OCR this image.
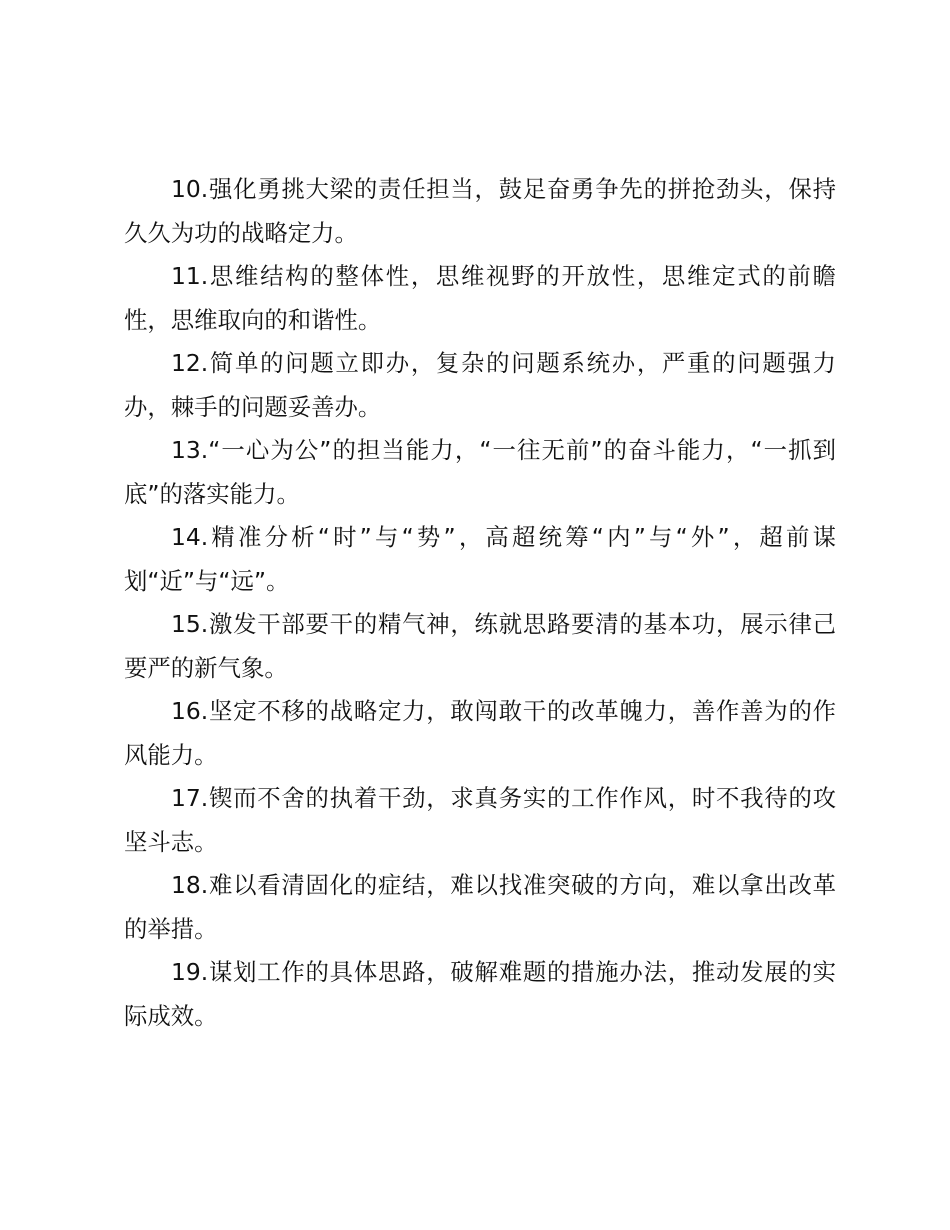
10.强化勇挑大梁的责任担当，鼓足奋勇争先的拼抢劲头，保持久久为功的战略定力。

11.思维结构的整体性，思维视野的开放性，思维定式的前瞻性，思维取向的和谐性。

12.简单的问题立即办，复杂的问题系统办，严重的问题强力办，棘手的问题妥善办。

13.“一心为公”的担当能力，“一往无前”的奋斗能力，“一抓到底”的落实能力。

14.精准分析“时”与“势”，高超统筹“内”与“外”，超前谋划“近”与“远”。

15.激发干部要干的精气神，练就思路要清的基本功，展示律己要严的新气象。

16.坚定不移的战略定力，敢闯敢干的改革魄力，善作善为的作风能力。

17.锲而不舍的执着干劲，求真务实的工作作风，时不我待的攻坚斗志。

18.难以看清固化的症结，难以找准突破的方向，难以拿出改革的举措。

19.谋划工作的具体思路，破解难题的措施办法，推动发展的实际成效。
